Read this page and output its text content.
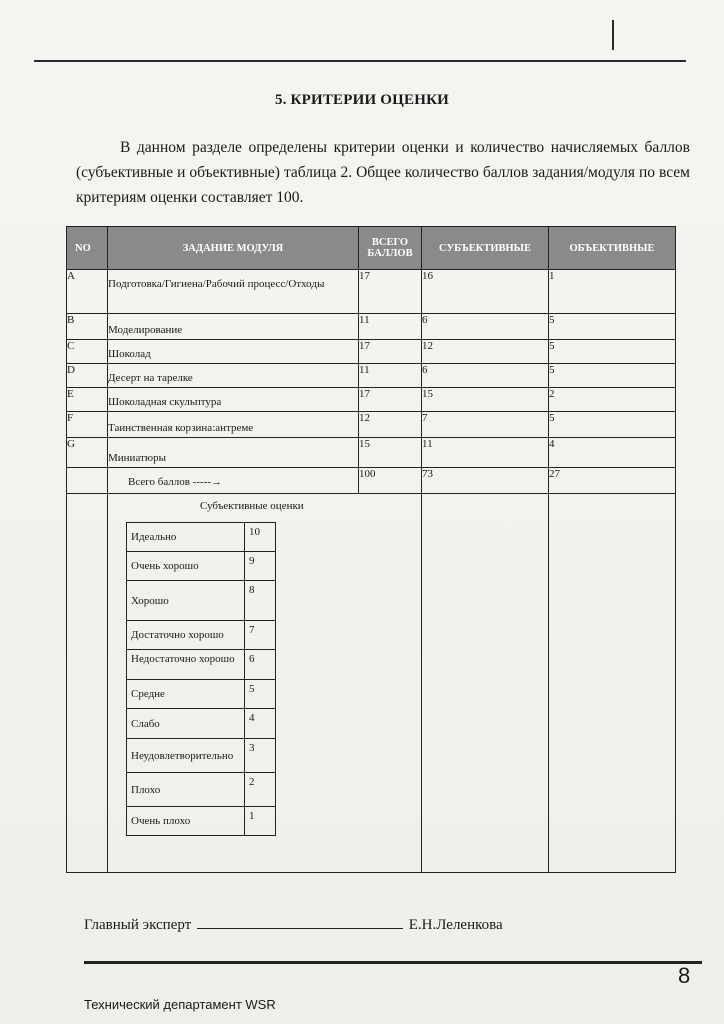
5. КРИТЕРИИ ОЦЕНКИ

В данном разделе определены критерии оценки и количество начисляемых баллов (субъективные и объективные) таблица 2. Общее количество баллов задания/модуля по всем критериям оценки составляет 100.

NO	ЗАДАНИЕ МОДУЛЯ	ВСЕГО БАЛЛОВ	СУБЪЕКТИВНЫЕ	ОБЪЕКТИВНЫЕ
A	Подготовка/Гигиена/Рабочий процесс/Отходы	17	16	1
B	Моделирование	11	6	5
C	Шоколад	17	12	5
D	Десерт на тарелке	11	6	5
E	Шоколадная скульптура	17	15	2
F	Таинственная корзина:антреме	12	7	5
G	Миниатюры	15	11	4
	Всего баллов -----→	100	73	27

Субъективные оценки
Идеально	10
Очень хорошо	9
Хорошо	8
Достаточно хорошо	7
Недостаточно хорошо	6
Средне	5
Слабо	4
Неудовлетворительно	3
Плохо	2
Очень плохо	1

Главный эксперт	Е.Н.Леленкова
8
Технический департамент WSR
